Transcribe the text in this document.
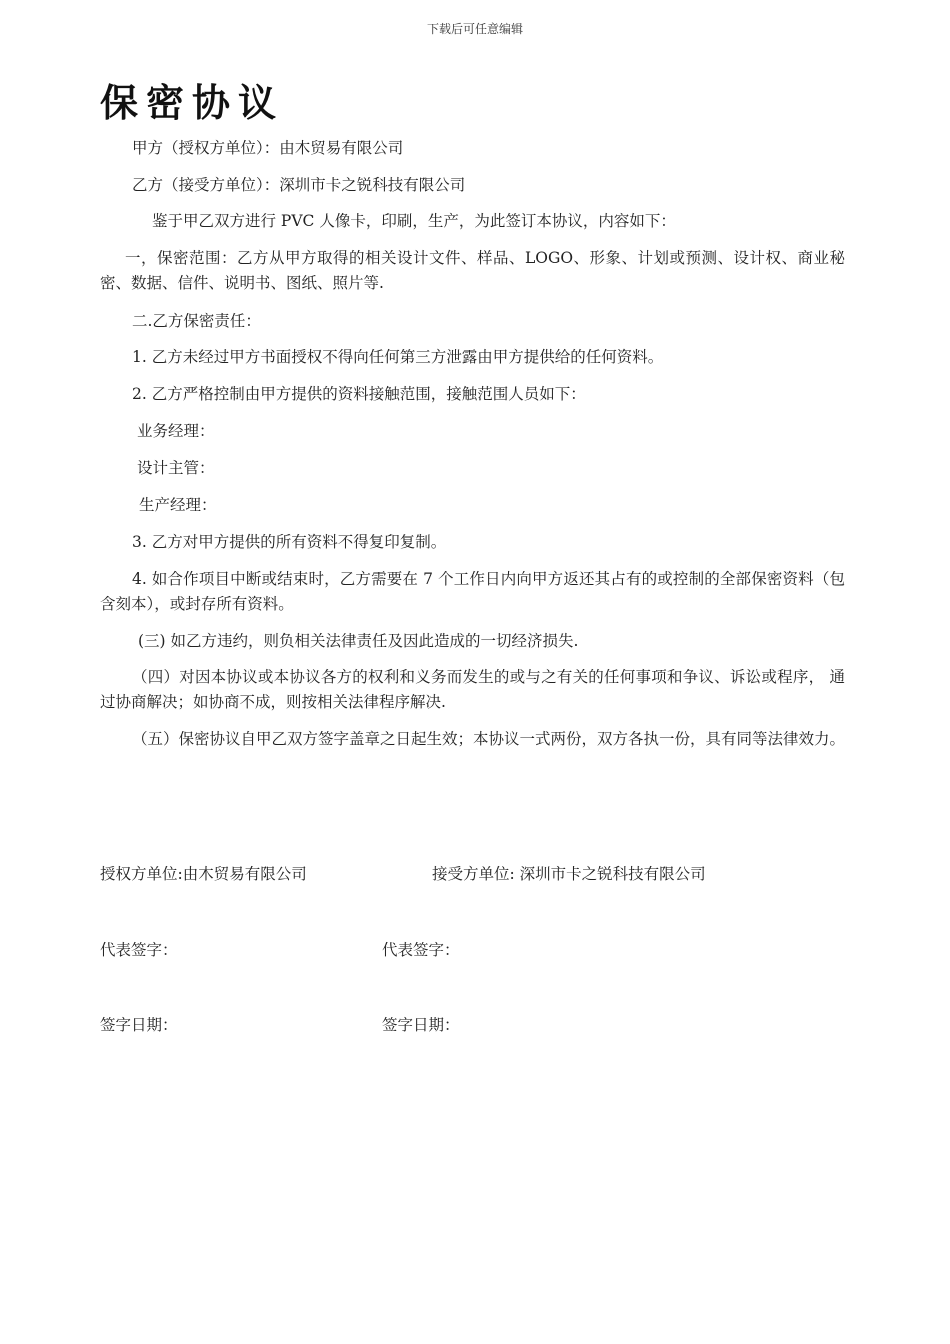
下载后可任意编辑
保密协议
甲方（授权方单位）：由木贸易有限公司
乙方（接受方单位）：深圳市卡之锐科技有限公司
鉴于甲乙双方进行 PVC 人像卡，印刷，生产，为此签订本协议，内容如下：
一，保密范围：乙方从甲方取得的相关设计文件、样品、LOGO、形象、计划或预测、设计权、商业秘密、数据、信件、说明书、图纸、照片等.
二.乙方保密责任：
1. 乙方未经过甲方书面授权不得向任何第三方泄露由甲方提供给的任何资料。
2. 乙方严格控制由甲方提供的资料接触范围，接触范围人员如下：
业务经理：
设计主管：
生产经理：
3. 乙方对甲方提供的所有资料不得复印复制。
4. 如合作项目中断或结束时，乙方需要在 7 个工作日内向甲方返还其占有的或控制的全部保密资料（包含刻本），或封存所有资料。
(三) 如乙方违约，则负相关法律责任及因此造成的一切经济损失.
（四）对因本协议或本协议各方的权利和义务而发生的或与之有关的任何事项和争议、诉讼或程序， 通过协商解决；如协商不成，则按相关法律程序解决.
（五）保密协议自甲乙双方签字盖章之日起生效；本协议一式两份，双方各执一份，具有同等法律效力。
授权方单位:由木贸易有限公司	接受方单位: 深圳市卡之锐科技有限公司
代表签字：	代表签字：
签字日期：	签字日期：
